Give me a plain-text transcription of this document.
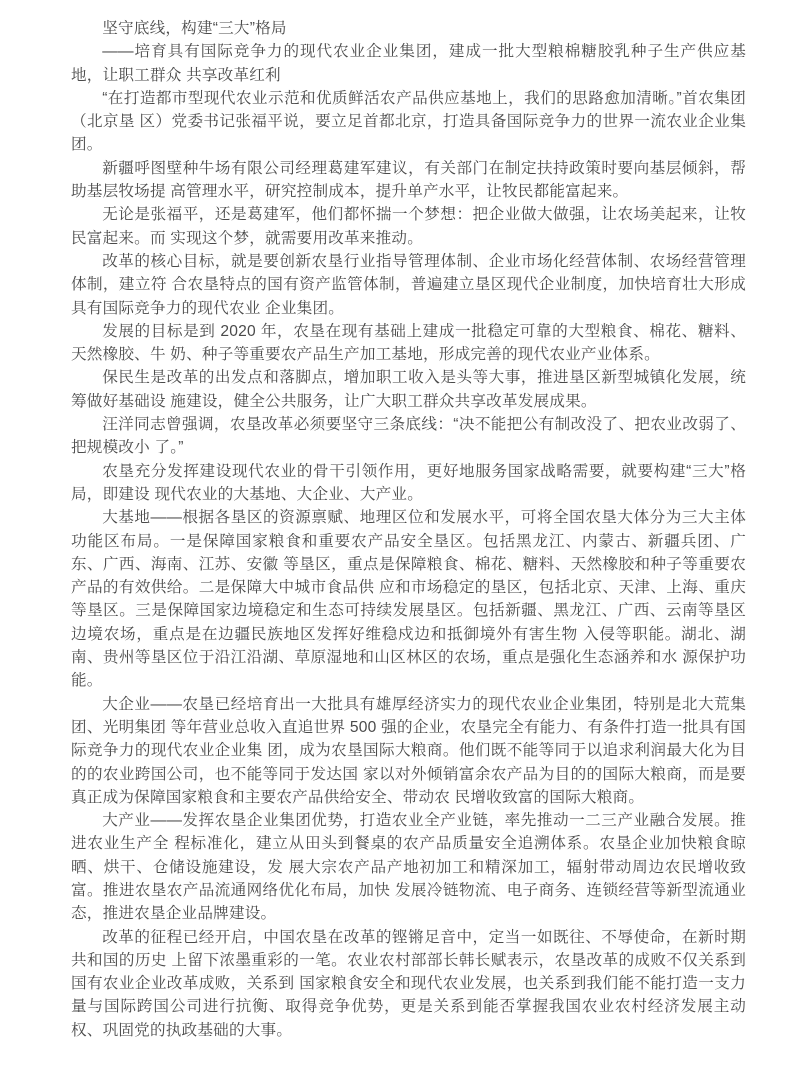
坚守底线，构建“三大”格局

——培育具有国际竞争力的现代农业企业集团，建成一批大型粮棉糖胶乳种子生产供应基地，让职工群众 共享改革红利

“在打造都市型现代农业示范和优质鲜活农产品供应基地上，我们的思路愈加清晰。”首农集团（北京垦 区）党委书记张福平说，要立足首都北京，打造具备国际竞争力的世界一流农业企业集团。

新疆呼图壁种牛场有限公司经理葛建军建议，有关部门在制定扶持政策时要向基层倾斜，帮助基层牧场提 高管理水平，研究控制成本，提升单产水平，让牧民都能富起来。

无论是张福平，还是葛建军，他们都怀揣一个梦想：把企业做大做强，让农场美起来，让牧民富起来。而 实现这个梦，就需要用改革来推动。

改革的核心目标，就是要创新农垦行业指导管理体制、企业市场化经营体制、农场经营管理体制，建立符 合农垦特点的国有资产监管体制，普遍建立垦区现代企业制度，加快培育壮大形成具有国际竞争力的现代农业 企业集团。

发展的目标是到 2020 年，农垦在现有基础上建成一批稳定可靠的大型粮食、棉花、糖料、天然橡胶、牛 奶、种子等重要农产品生产加工基地，形成完善的现代农业产业体系。

保民生是改革的出发点和落脚点，增加职工收入是头等大事，推进垦区新型城镇化发展，统筹做好基础设 施建设，健全公共服务，让广大职工群众共享改革发展成果。

汪洋同志曾强调，农垦改革必须要坚守三条底线：“决不能把公有制改没了、把农业改弱了、把规模改小 了。”

农垦充分发挥建设现代农业的骨干引领作用，更好地服务国家战略需要，就要构建“三大”格局，即建设 现代农业的大基地、大企业、大产业。

大基地——根据各垦区的资源禀赋、地理区位和发展水平，可将全国农垦大体分为三大主体功能区布局。一是保障国家粮食和重要农产品安全垦区。包括黑龙江、内蒙古、新疆兵团、广东、广西、海南、江苏、安徽 等垦区，重点是保障粮食、棉花、糖料、天然橡胶和种子等重要农产品的有效供给。二是保障大中城市食品供 应和市场稳定的垦区，包括北京、天津、上海、重庆等垦区。三是保障国家边境稳定和生态可持续发展垦区。包括新疆、黑龙江、广西、云南等垦区边境农场，重点是在边疆民族地区发挥好维稳戍边和抵御境外有害生物 入侵等职能。湖北、湖南、贵州等垦区位于沿江沿湖、草原湿地和山区林区的农场，重点是强化生态涵养和水 源保护功能。

大企业——农垦已经培育出一大批具有雄厚经济实力的现代农业企业集团，特别是北大荒集团、光明集团 等年营业总收入直追世界 500 强的企业，农垦完全有能力、有条件打造一批具有国际竞争力的现代农业企业集 团，成为农垦国际大粮商。他们既不能等同于以追求利润最大化为目的的农业跨国公司，也不能等同于发达国 家以对外倾销富余农产品为目的的国际大粮商，而是要真正成为保障国家粮食和主要农产品供给安全、带动农 民增收致富的国际大粮商。

大产业——发挥农垦企业集团优势，打造农业全产业链，率先推动一二三产业融合发展。推进农业生产全 程标准化，建立从田头到餐桌的农产品质量安全追溯体系。农垦企业加快粮食晾晒、烘干、仓储设施建设，发 展大宗农产品产地初加工和精深加工，辐射带动周边农民增收致富。推进农垦农产品流通网络优化布局，加快 发展冷链物流、电子商务、连锁经营等新型流通业态，推进农垦企业品牌建设。

改革的征程已经开启，中国农垦在改革的铿锵足音中，定当一如既往、不辱使命，在新时期共和国的历史 上留下浓墨重彩的一笔。农业农村部部长韩长赋表示，农垦改革的成败不仅关系到国有农业企业改革成败，关系到 国家粮食安全和现代农业发展，也关系到我们能不能打造一支力量与国际跨国公司进行抗衡、取得竞争优势，更是关系到能否掌握我国农业农村经济发展主动权、巩固党的执政基础的大事。
